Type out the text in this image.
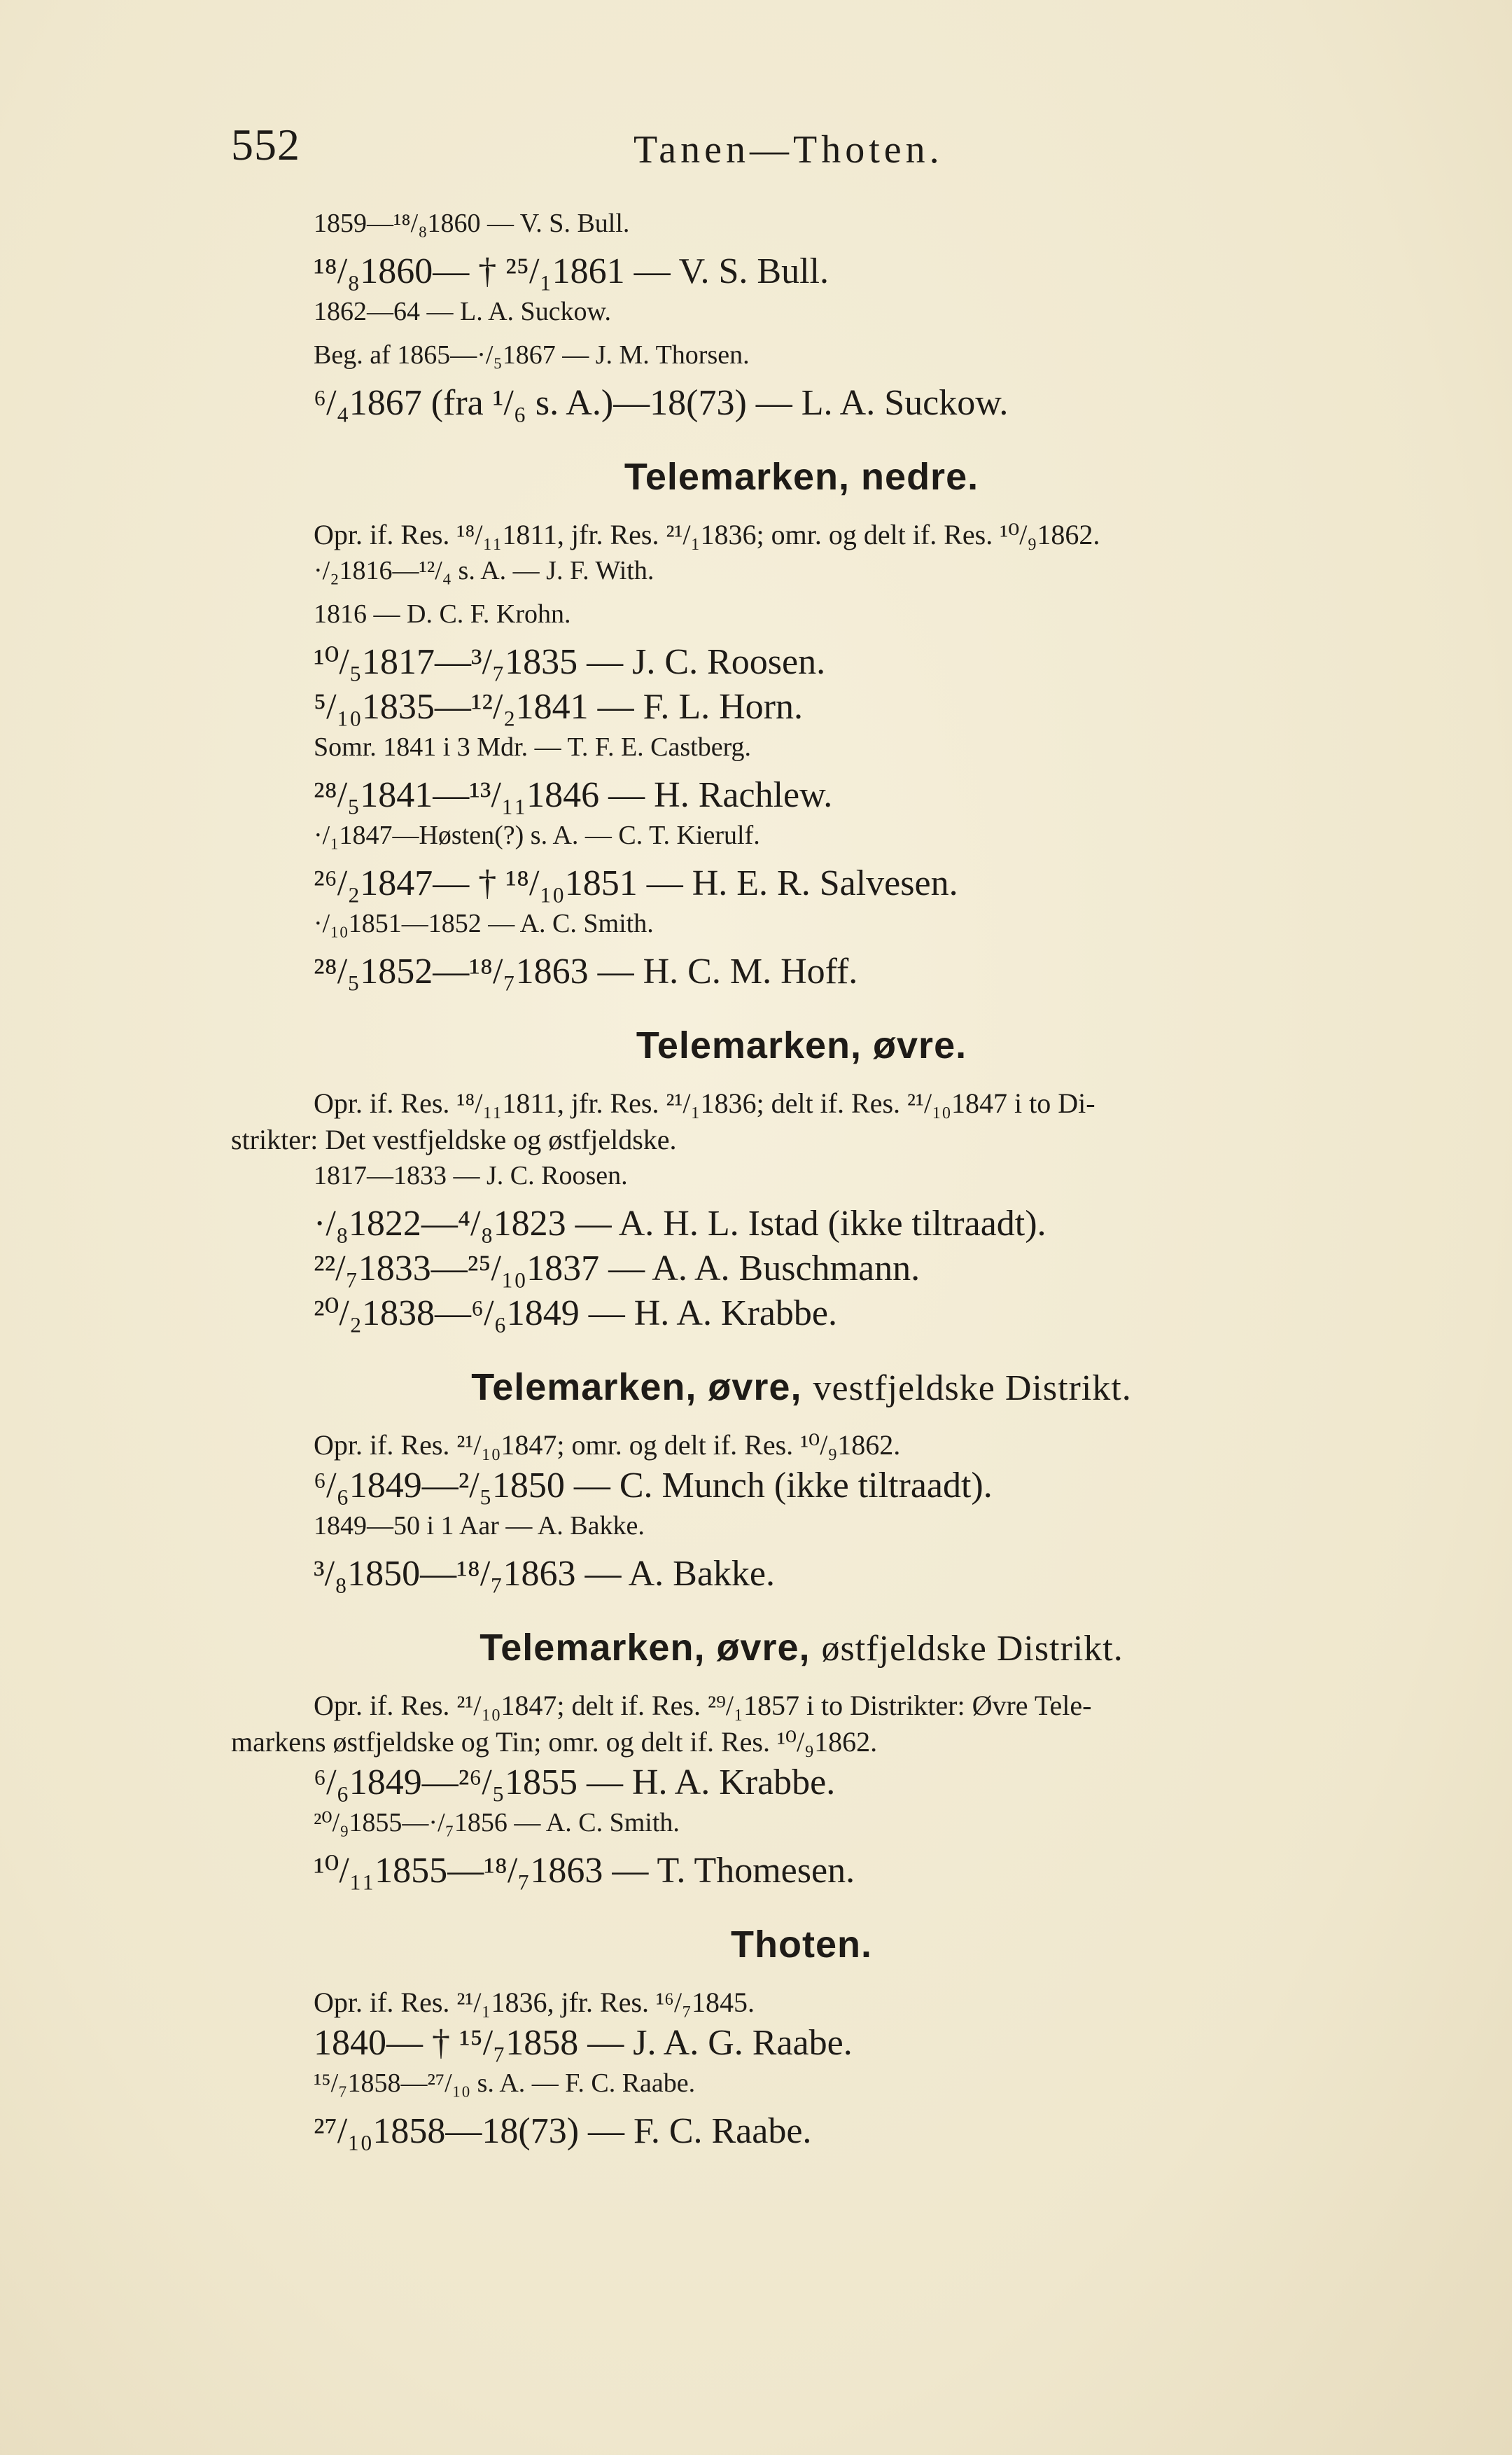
552	Tanen—Thoten.
1859—¹⁸/₈1860 — V. S. Bull.
¹⁸/₈1860— † ²⁵/₁1861 — V. S. Bull.
1862—64 — L. A. Suckow.
Beg. af 1865—·/₅1867 — J. M. Thorsen.
⁶/₄1867 (fra ¹/₆ s. A.)—18(73) — L. A. Suckow.
Telemarken, nedre.
Opr. if. Res. ¹⁸/₁₁1811, jfr. Res. ²¹/₁1836; omr. og delt if. Res. ¹⁰/₉1862.
·/₂1816—¹²/₄ s. A. — J. F. With.
1816 — D. C. F. Krohn.
¹⁰/₅1817—³/₇1835 — J. C. Roosen.
⁵/₁₀1835—¹²/₂1841 — F. L. Horn.
Somr. 1841 i 3 Mdr. — T. F. E. Castberg.
²⁸/₅1841—¹³/₁₁1846 — H. Rachlew.
·/₁1847—Høsten(?) s. A. — C. T. Kierulf.
²⁶/₂1847— † ¹⁸/₁₀1851 — H. E. R. Salvesen.
·/₁₀1851—1852 — A. C. Smith.
²⁸/₅1852—¹⁸/₇1863 — H. C. M. Hoff.
Telemarken, øvre.
Opr. if. Res. ¹⁸/₁₁1811, jfr. Res. ²¹/₁1836; delt if. Res. ²¹/₁₀1847 i to Di-
strikter: Det vestfjeldske og østfjeldske.
1817—1833 — J. C. Roosen.
·/₈1822—⁴/₈1823 — A. H. L. Istad (ikke tiltraadt).
²²/₇1833—²⁵/₁₀1837 — A. A. Buschmann.
²⁰/₂1838—⁶/₆1849 — H. A. Krabbe.
Telemarken, øvre, vestfjeldske Distrikt.
Opr. if. Res. ²¹/₁₀1847; omr. og delt if. Res. ¹⁰/₉1862.
⁶/₆1849—²/₅1850 — C. Munch (ikke tiltraadt).
1849—50 i 1 Aar — A. Bakke.
³/₈1850—¹⁸/₇1863 — A. Bakke.
Telemarken, øvre, østfjeldske Distrikt.
Opr. if. Res. ²¹/₁₀1847; delt if. Res. ²⁹/₁1857 i to Distrikter: Øvre Tele-
markens østfjeldske og Tin; omr. og delt if. Res. ¹⁰/₉1862.
⁶/₆1849—²⁶/₅1855 — H. A. Krabbe.
²⁰/₉1855—·/₇1856 — A. C. Smith.
¹⁰/₁₁1855—¹⁸/₇1863 — T. Thomesen.
Thoten.
Opr. if. Res. ²¹/₁1836, jfr. Res. ¹⁶/₇1845.
1840— † ¹⁵/₇1858 — J. A. G. Raabe.
¹⁵/₇1858—²⁷/₁₀ s. A. — F. C. Raabe.
²⁷/₁₀1858—18(73) — F. C. Raabe.
